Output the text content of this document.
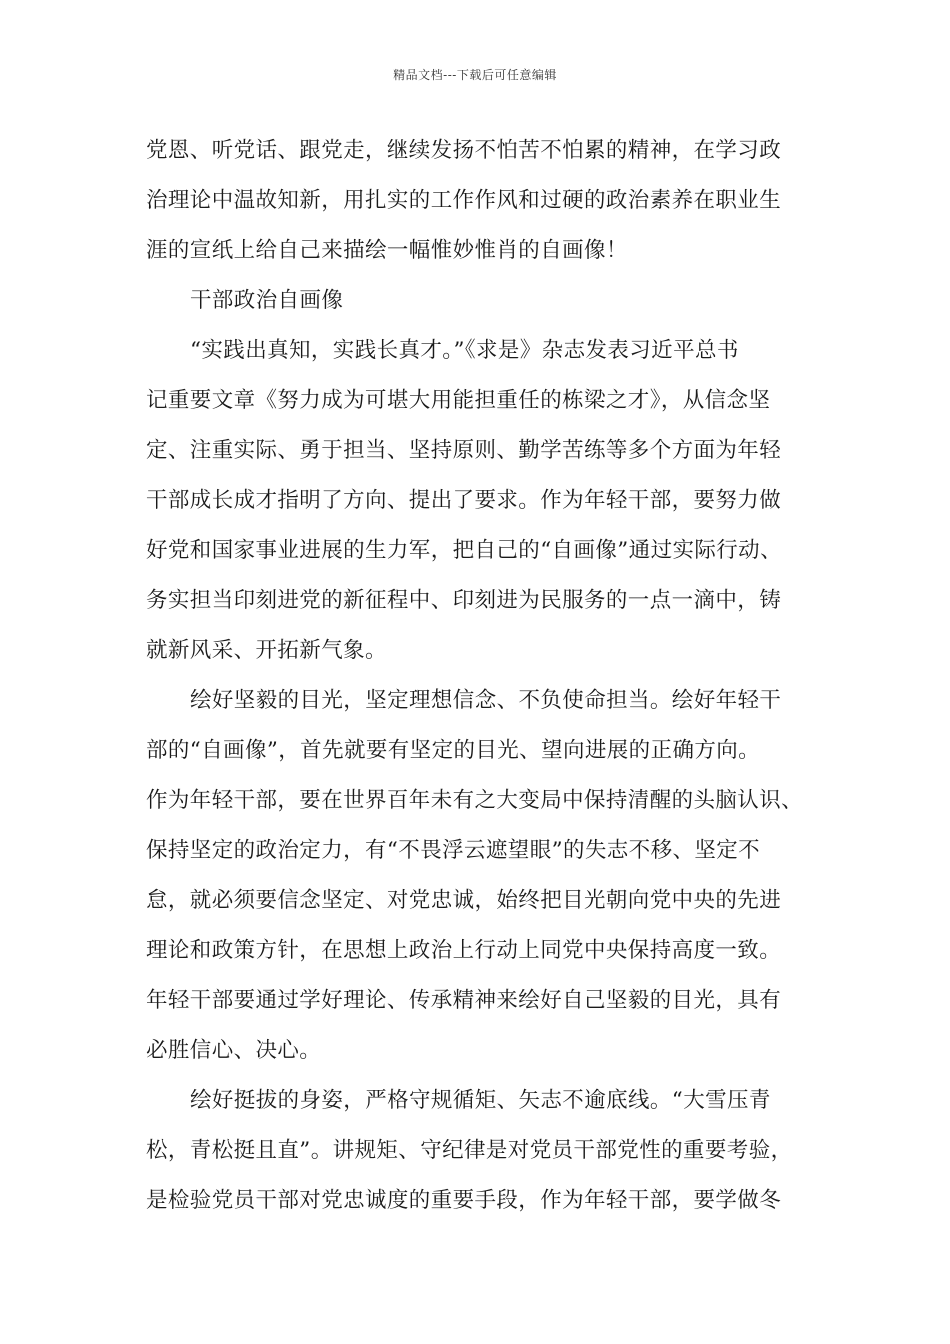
精品文档---下载后可任意编辑
党恩、听党话、跟党走，继续发扬不怕苦不怕累的精神，在学习政
治理论中温故知新，用扎实的工作作风和过硬的政治素养在职业生
涯的宣纸上给自己来描绘一幅惟妙惟肖的自画像！
干部政治自画像
“实践出真知，实践长真才。”《求是》杂志发表习近平总书
记重要文章《努力成为可堪大用能担重任的栋梁之才》，从信念坚
定、注重实际、勇于担当、坚持原则、勤学苦练等多个方面为年轻
干部成长成才指明了方向、提出了要求。作为年轻干部，要努力做
好党和国家事业进展的生力军，把自己的“自画像”通过实际行动、
务实担当印刻进党的新征程中、印刻进为民服务的一点一滴中，铸
就新风采、开拓新气象。
绘好坚毅的目光，坚定理想信念、不负使命担当。绘好年轻干
部的“自画像”，首先就要有坚定的目光、望向进展的正确方向。
作为年轻干部，要在世界百年未有之大变局中保持清醒的头脑认识、
保持坚定的政治定力，有“不畏浮云遮望眼”的失志不移、坚定不
怠，就必须要信念坚定、对党忠诚，始终把目光朝向党中央的先进
理论和政策方针，在思想上政治上行动上同党中央保持高度一致。
年轻干部要通过学好理论、传承精神来绘好自己坚毅的目光，具有
必胜信心、决心。
绘好挺拔的身姿，严格守规循矩、矢志不逾底线。“大雪压青
松，青松挺且直”。讲规矩、守纪律是对党员干部党性的重要考验，
是检验党员干部对党忠诚度的重要手段，作为年轻干部，要学做冬
